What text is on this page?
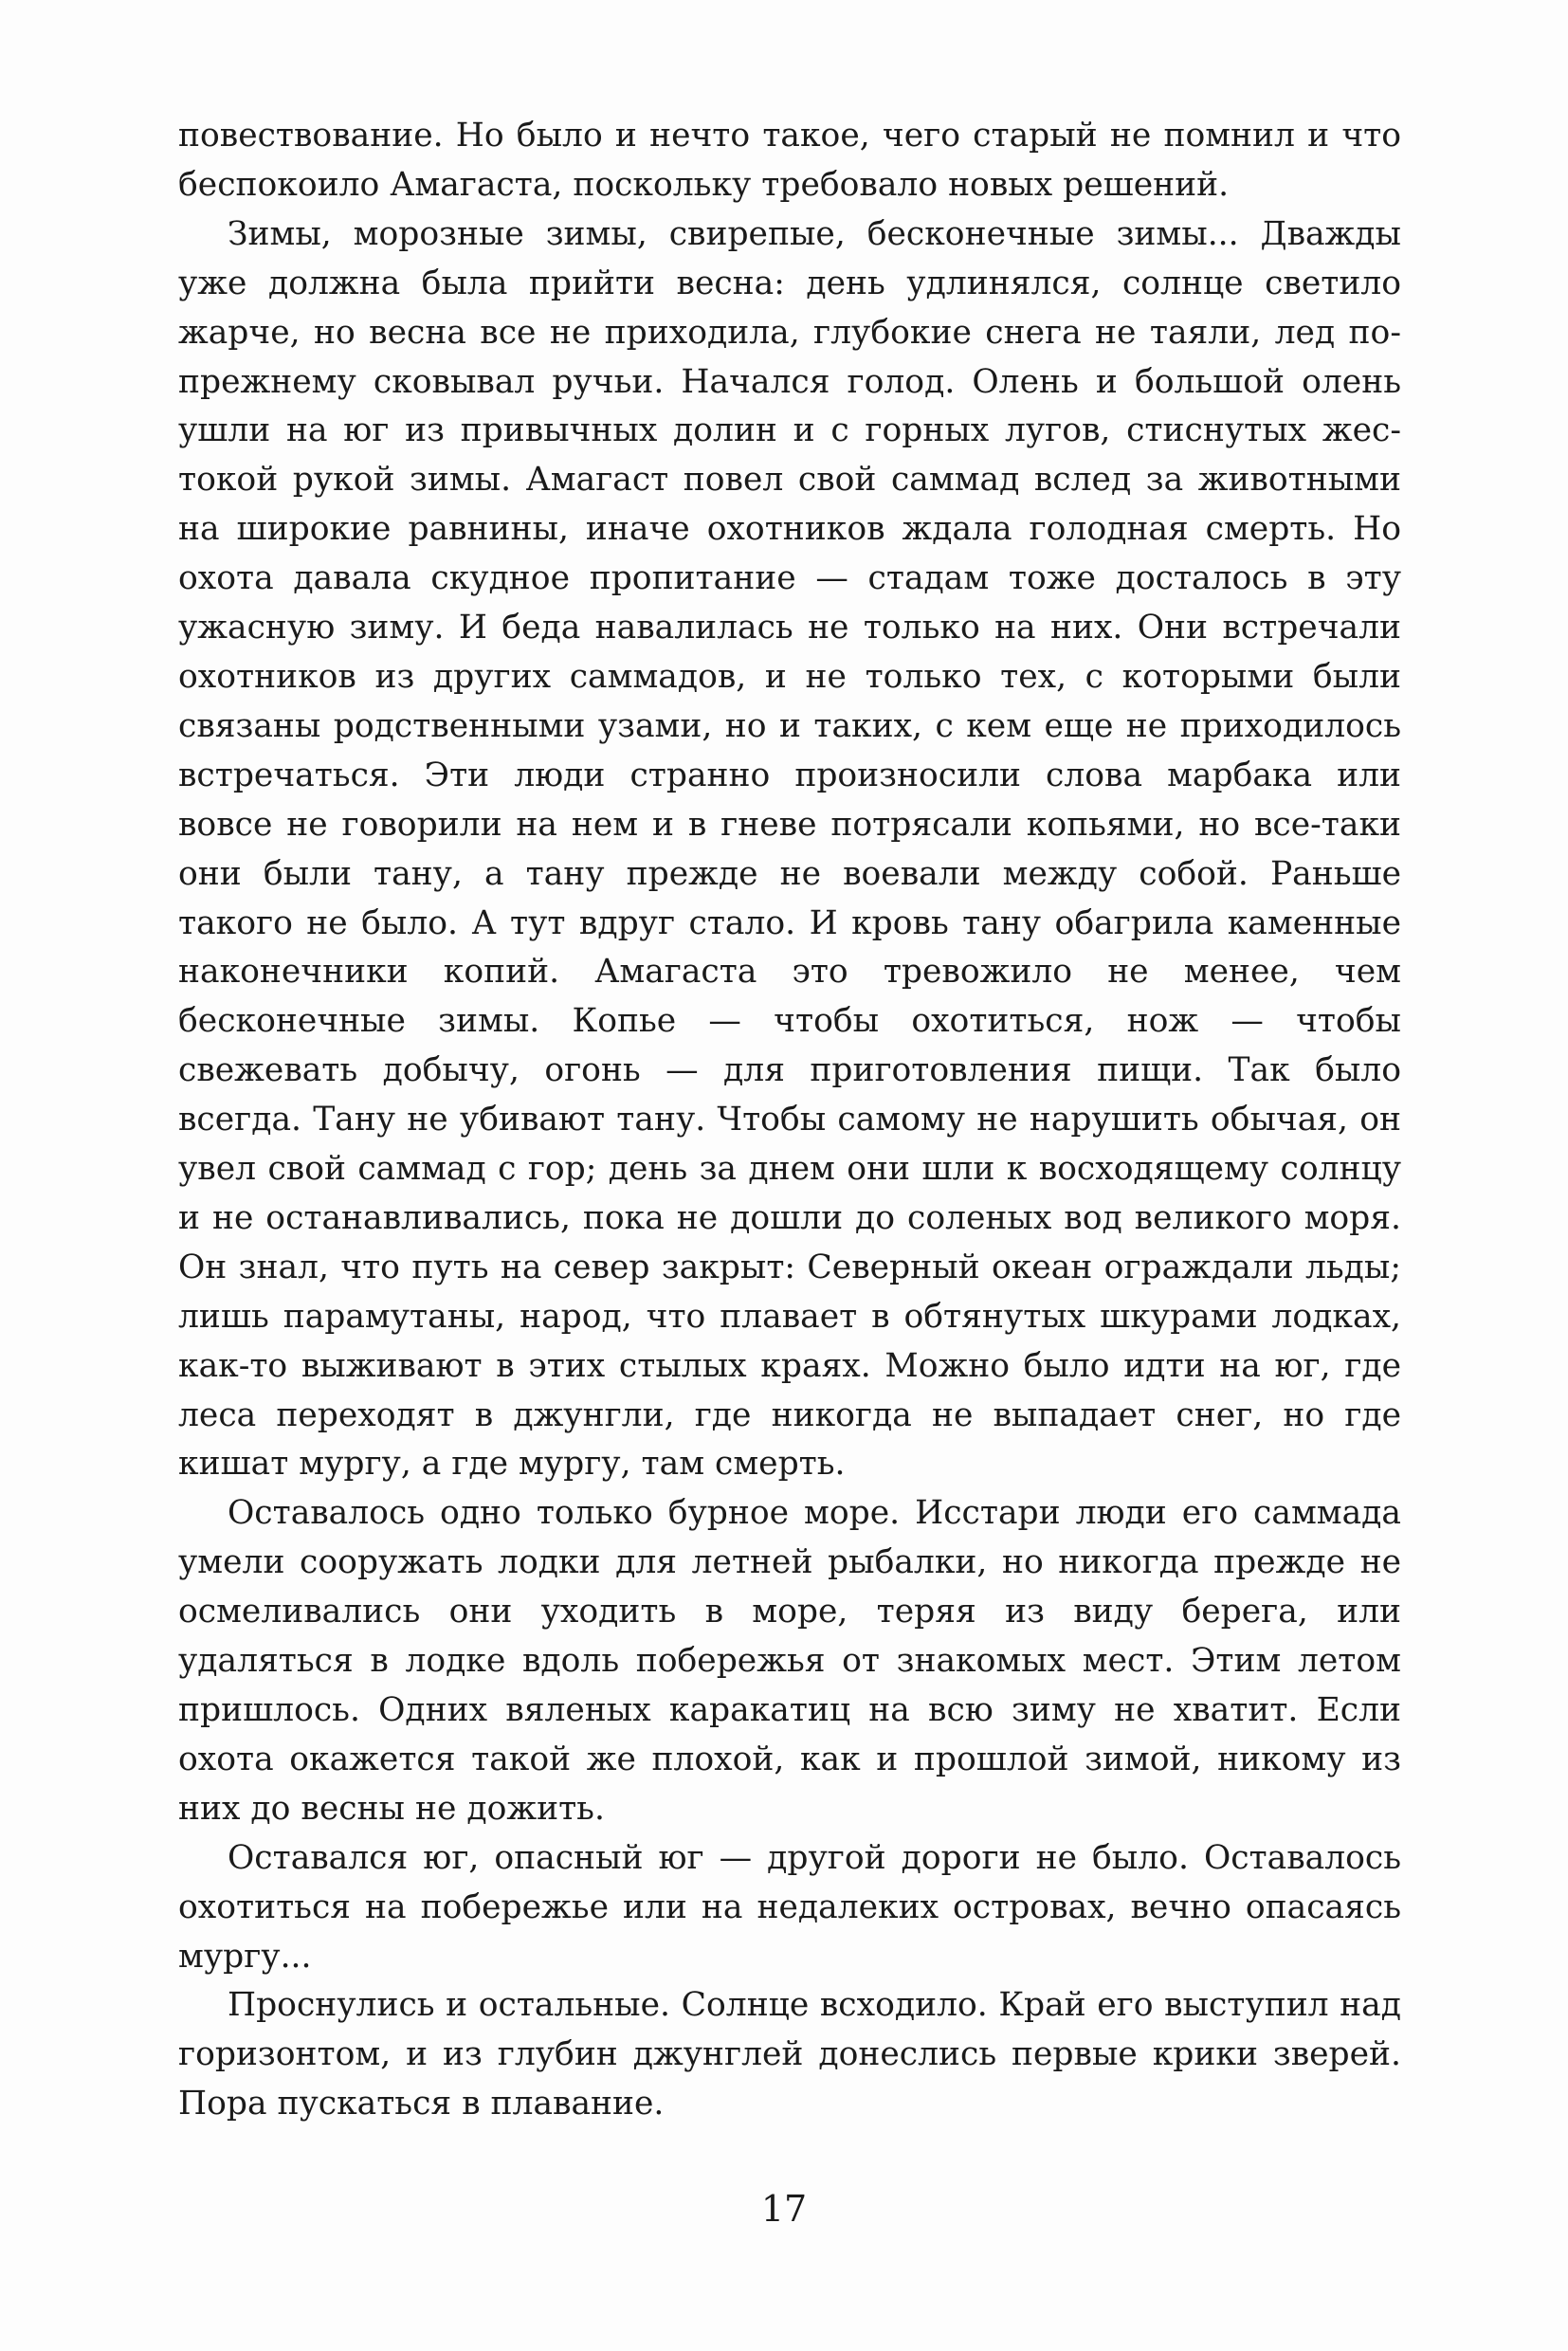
повествование. Но было и нечто такое, чего старый не помнил и что беспокоило Амагаста, поскольку требовало новых решений.

Зимы, морозные зимы, свирепые, бесконечные зимы... Дважды уже должна была прийти весна: день удлинялся, солнце светило жарче, но весна все не приходила, глубокие снега не таяли, лед попрежнему сковывал ручьи. Начался голод. Олень и большой олень ушли на юг из привычных долин и с горных лугов, стиснутых жестокой рукой зимы. Амагаст повел свой саммад вслед за животными на широкие равнины, иначе охотников ждала голодная смерть. Но охота давала скудное пропитание — стадам тоже досталось в эту ужасную зиму. И беда навалилась не только на них. Они встречали охотников из других саммадов, и не только тех, с которыми были связаны родственными узами, но и таких, с кем еще не приходилось встречаться. Эти люди странно произносили слова марбака или вовсе не говорили на нем и в гневе потрясали копьями, но все-таки они были тану, а тану прежде не воевали между собой. Раньше такого не было. А тут вдруг стало. И кровь тану обагрила каменные наконечники копий. Амагаста это тревожило не менее, чем бесконечные зимы. Копье — чтобы охотиться, нож — чтобы свежевать добычу, огонь — для приготовления пищи. Так было всегда. Тану не убивают тану. Чтобы самому не нарушить обычая, он увел свой саммад с гор; день за днем они шли к восходящему солнцу и не останавливались, пока не дошли до соленых вод великого моря. Он знал, что путь на север закрыт: Северный океан ограждали льды; лишь парамутаны, народ, что плавает в обтянутых шкурами лодках, как-то выживают в этих стылых краях. Можно было идти на юг, где леса переходят в джунгли, где никогда не выпадает снег, но где кишат мургу, а где мургу, там смерть.

Оставалось одно только бурное море. Исстари люди его саммада умели сооружать лодки для летней рыбалки, но никогда прежде не осмеливались они уходить в море, теряя из виду берега, или удаляться в лодке вдоль побережья от знакомых мест. Этим летом пришлось. Одних вяленых каракатиц на всю зиму не хватит. Если охота окажется такой же плохой, как и прошлой зимой, никому из них до весны не дожить.

Оставался юг, опасный юг — другой дороги не было. Оставалось охотиться на побережье или на недалеких островах, вечно опасаясь мургу...

Проснулись и остальные. Солнце всходило. Край его выступил над горизонтом, и из глубин джунглей донеслись первые крики зверей. Пора пускаться в плавание.

17
